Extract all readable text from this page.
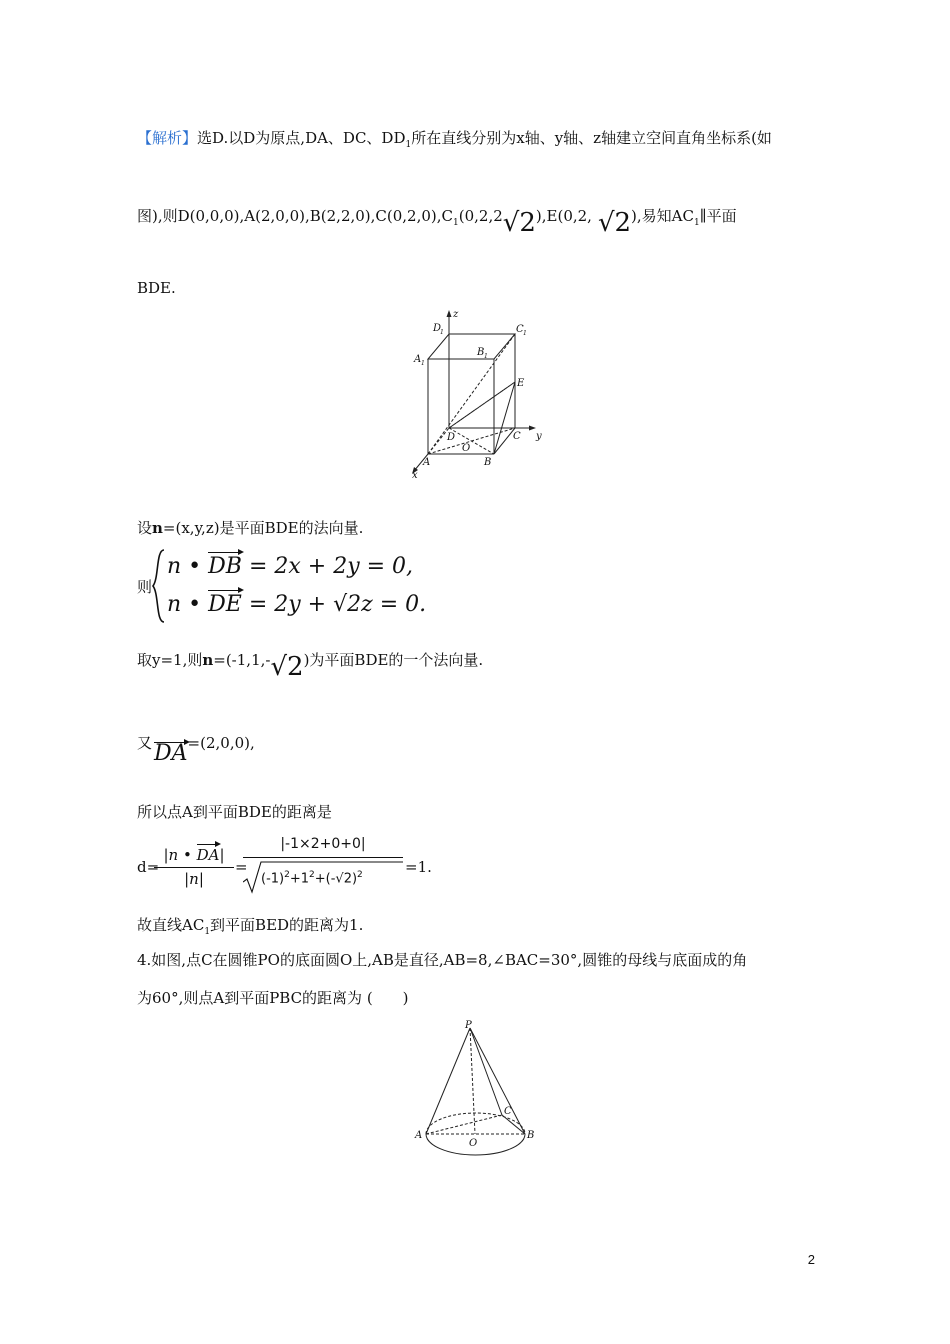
【解析】选D.以D为原点,DA、DC、$DD_1$所在直线分别为x轴、y轴、z轴建立空间直角坐标系(如
图),则$D(0,0,0),A(2,0,0),B(2,2,0),C(0,2,0),C_1(0,2,2√2),E(0,2$, √2),易知$AC_1\parallel$平面
BDE.
z
y
x
D
1	C 1
A 1
B 1
E
D
O
C
A	B
设n=(x,y,z)是平面BDE的法向量.
则
n • DB = 2x + 2y = 0,
n • DE = 2y + √2z = 0.
取y=1,则n=(-1,1,-√2)为平面BDE的一个法向量.
又DA=(2,0,0),
所以点A到平面BDE的距离是
d=
|n • DA|
|n|
=
|-1×2+0+0|
$(-1)^2+1^2+(-√2)^2$	=1.
故直线$AC_1$到平面BED的距离为1.
4.如图,点C在圆锥PO的底面圆O上,AB是直径,AB=8,∠BAC=30°,圆锥的母线与底面成的角
为60°,则点A到平面PBC的距离为 (　　)
P
C
A
O
B
2
